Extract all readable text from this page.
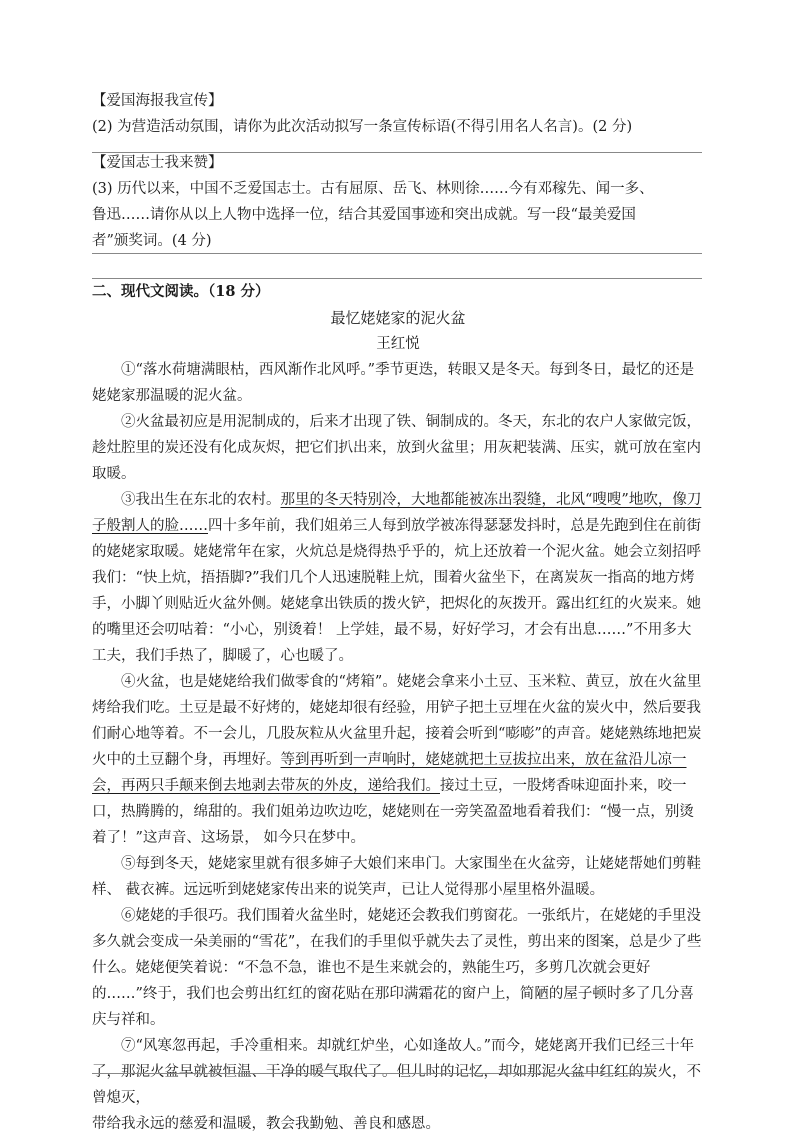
【爱国海报我宣传】
(2) 为营造活动氛围，请你为此次活动拟写一条宣传标语(不得引用名人名言)。(2 分)
【爱国志士我来赞】
(3) 历代以来，中国不乏爱国志士。古有屈原、岳飞、林则徐……今有邓稼先、闻一多、
鲁迅……请你从以上人物中选择一位，结合其爱国事迹和突出成就。写一段“最美爱国
者”颁奖词。(4 分)
二、现代文阅读。（18 分）
最忆姥姥家的泥火盆
王红悦
①“落水荷塘满眼枯，西风渐作北风呼。”季节更迭，转眼又是冬天。每到冬日，最忆的还是姥姥家那温暖的泥火盆。
②火盆最初应是用泥制成的，后来才出现了铁、铜制成的。冬天，东北的农户人家做完饭，趁灶腔里的炭还没有化成灰烬，把它们扒出来，放到火盆里；用灰耙装满、压实，就可放在室内取暖。
③我出生在东北的农村。那里的冬天特别冷，大地都能被冻出裂缝，北风“嗖嗖”地吹，像刀子般割人的脸……四十多年前，我们姐弟三人每到放学被冻得瑟瑟发抖时，总是先跑到住在前街的姥姥家取暖。姥姥常年在家，火炕总是烧得热乎乎的，炕上还放着一个泥火盆。她会立刻招呼我们：“快上炕，捂捂脚?”我们几个人迅速脱鞋上炕，围着火盆坐下，在离炭灰一指高的地方烤手，小脚丫则贴近火盆外侧。姥姥拿出铁质的拨火铲，把烬化的灰拨开。露出红红的火炭来。她的嘴里还会叨咕着：“小心，别烫着！ 上学娃，最不易，好好学习，才会有出息……”不用多大工夫，我们手热了，脚暖了，心也暖了。
④火盆，也是姥姥给我们做零食的“烤箱”。姥姥会拿来小土豆、玉米粒、黄豆，放在火盆里烤给我们吃。土豆是最不好烤的，姥姥却很有经验，用铲子把土豆埋在火盆的炭火中，然后要我们耐心地等着。不一会儿，几股灰粒从火盆里升起，接着会听到“嘭嘭”的声音。姥姥熟练地把炭火中的土豆翻个身，再埋好。等到再听到一声响时，姥姥就把土豆拔拉出来，放在盆沿儿凉一会，再两只手颠来倒去地剥去带灰的外皮，递给我们。接过土豆，一股烤香味迎面扑来，咬一口，热腾腾的，绵甜的。我们姐弟边吹边吃，姥姥则在一旁笑盈盈地看着我们：“慢一点，别烫着了！”这声音、这场景， 如今只在梦中。
⑤每到冬天，姥姥家里就有很多婶子大娘们来串门。大家围坐在火盆旁，让姥姥帮她们剪鞋样、 截衣裤。远远听到姥姥家传出来的说笑声，已让人觉得那小屋里格外温暖。
⑥姥姥的手很巧。我们围着火盆坐时，姥姥还会教我们剪窗花。一张纸片，在姥姥的手里没多久就会变成一朵美丽的“雪花”，在我们的手里似乎就失去了灵性，剪出来的图案，总是少了些什么。姥姥便笑着说：“不急不急，谁也不是生来就会的，熟能生巧，多剪几次就会更好的……”终于，我们也会剪出红红的窗花贴在那印满霜花的窗户上，简陋的屋子顿时多了几分喜庆与祥和。
⑦“风寒忽再起，手冷重相来。却就红炉坐，心如逢故人。”而今，姥姥离开我们已经三十年了，那泥火盆早就被恒温、干净的暖气取代了。但儿时的记忆，却如那泥火盆中红红的炭火，不曾熄灭，
带给我永远的慈爱和温暖，教会我勤勉、善良和感恩。
